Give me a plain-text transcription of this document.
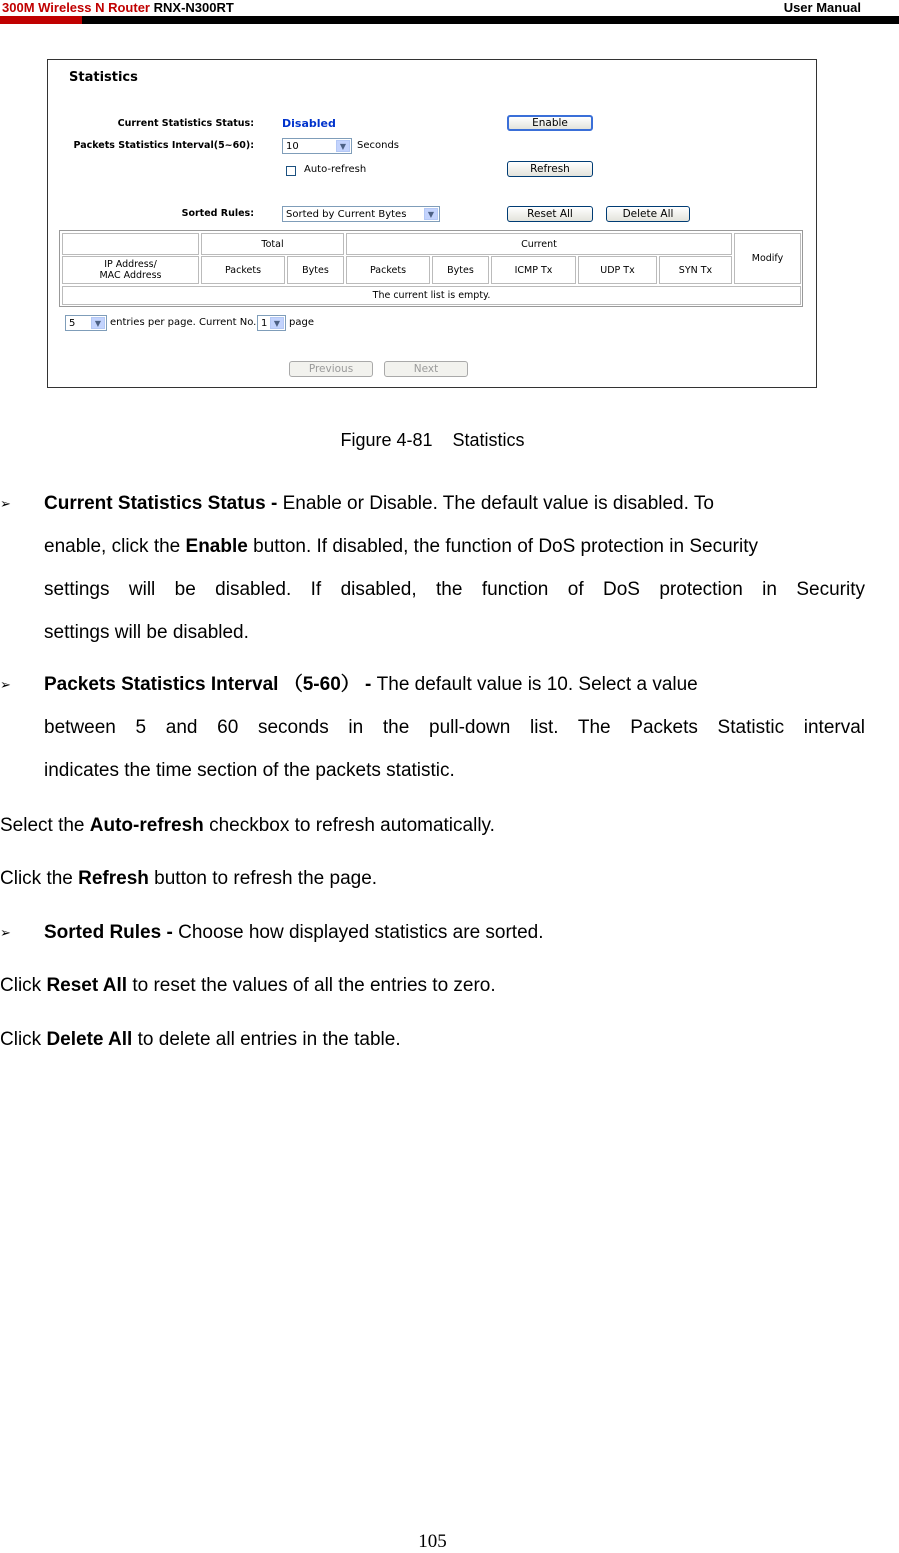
300M Wireless N Router RNX-N300RT	User Manual
Statistics
Current Statistics Status:	Disabled	Enable
Packets Statistics Interval(5~60):	10	▼	Seconds
Auto-refresh	Refresh
Sorted Rules:	Sorted by Current Bytes	▼	Reset All	Delete All
Total	Current
Modify
IP Address/
MAC Address	Packets	Bytes	Packets	Bytes	ICMP Tx	UDP Tx	SYN Tx
The current list is empty.
5	▼ entries per page. Current No. 1 ▼ page
Previous	Next
Figure 4-81    Statistics
➢ Current Statistics Status - Enable or Disable. The default value is disabled. To
enable, click the Enable button. If disabled, the function of DoS protection in Security
settings will be disabled. If disabled, the function of DoS protection in Security
settings will be disabled.
➢ Packets Statistics Interval （5-60） - The default value is 10. Select a value
between 5 and 60 seconds in the pull-down list. The Packets Statistic interval
indicates the time section of the packets statistic.
Select the Auto-refresh checkbox to refresh automatically.
Click the Refresh button to refresh the page.
➢ Sorted Rules - Choose how displayed statistics are sorted.
Click Reset All to reset the values of all the entries to zero.
Click Delete All to delete all entries in the table.
105
